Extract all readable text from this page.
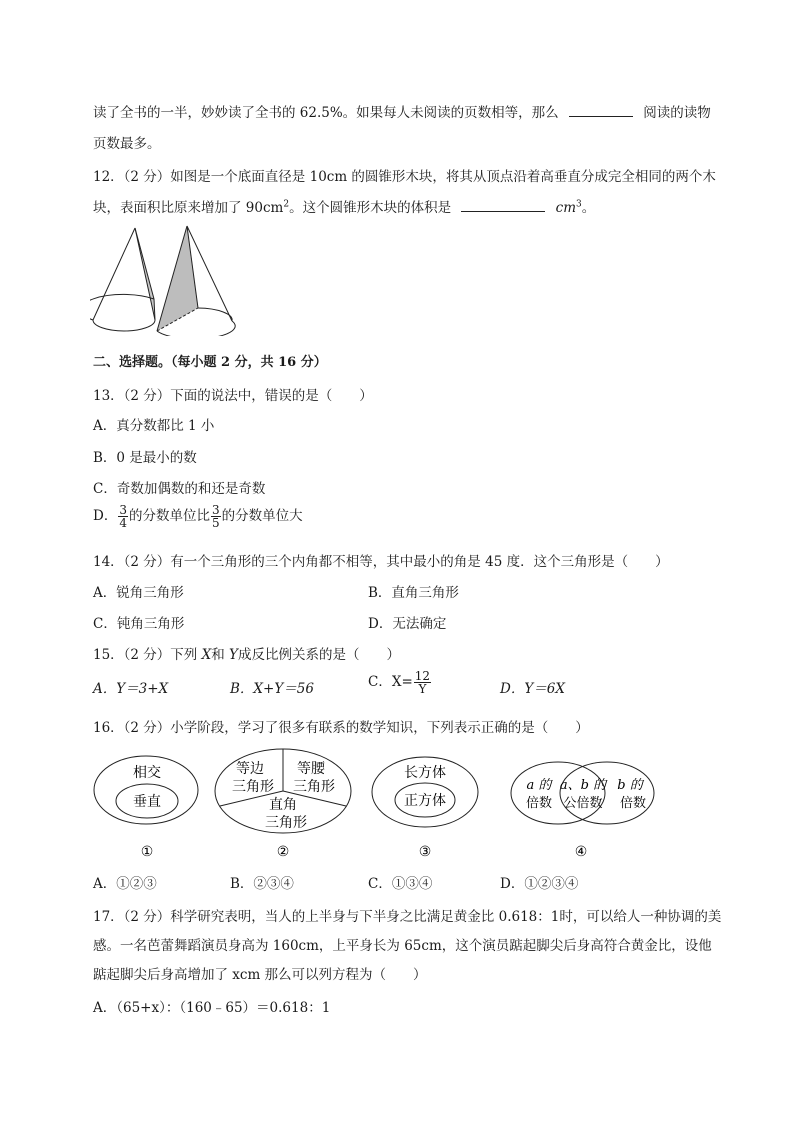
读了全书的一半，妙妙读了全书的 62.5%。如果每人未阅读的页数相等，那么	阅读的读物
页数最多。
12．（2 分）如图是一个底面直径是 10cm 的圆锥形木块，将其从顶点沿着高垂直分成完全相同的两个木
块，表面积比原来增加了 $90cm^2$。这个圆锥形木块的体积是	$cm^3$。
二、选择题。（每小题 2 分，共 16 分）
13．（2 分）下面的说法中，错误的是（　　）
A．真分数都比 1 小
B．0 是最小的数
C．奇数加偶数的和还是奇数
D． $\frac{3}{4}$ 的分数单位比 $\frac{3}{5}$ 的分数单位大
14．（2 分）有一个三角形的三个内角都不相等，其中最小的角是 45 度．这个三角形是（　　）
A．锐角三角形	B．直角三角形
C．钝角三角形	D．无法确定
15．（2 分）下列 X和 Y成反比例关系的是（　　）
A．Y＝3+X	B．X+Y＝56	C．$X= \frac{12}{Y}$	D．Y＝6X
16．（2 分）小学阶段，学习了很多有联系的数学知识，下列表示正确的是（　　）
相交
垂直
①
等边
三角形
等腰
三角形
直角
三角形
②
长方体
正方体
③
a 的
倍数
a、b 的
公倍数
b 的
倍数
④
A．①②③	B．②③④	C．①③④	D．①②③④
17．（2 分）科学研究表明，当人的上半身与下半身之比满足黄金比 0.618：1时，可以给人一种协调的美
感。一名芭蕾舞蹈演员身高为 160cm，上平身长为 65cm，这个演员踮起脚尖后身高符合黄金比，设他
踮起脚尖后身高增加了 xcm 那么可以列方程为（　　）
A．（65+x）：（160﹣65）＝0.618：1
